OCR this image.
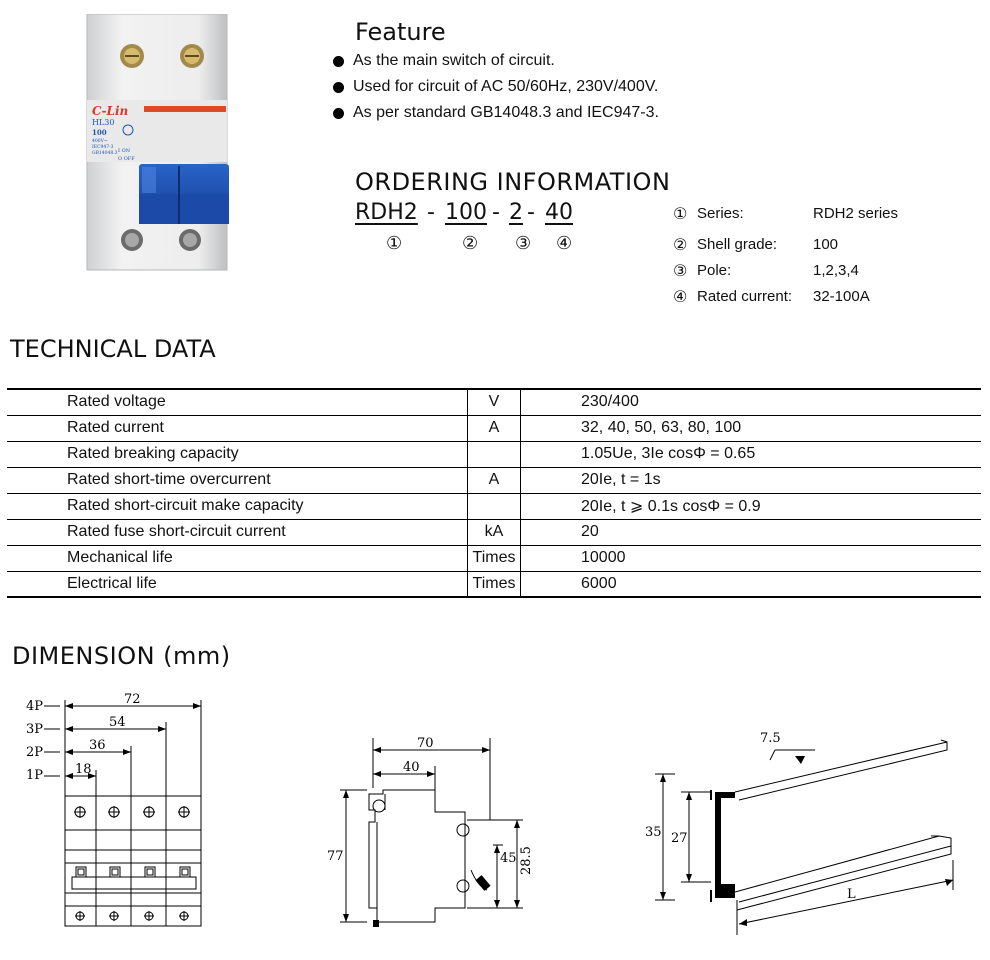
C-Lin
HL30
100
400V~
IEC947-3
GB14048.3 I ON
O OFF
Feature
As the main switch of circuit.
Used for circuit of AC 50/60Hz, 230V/400V.
As per standard GB14048.3 and IEC947-3.
ORDERING INFORMATION
RDH2 - 100 - 2 - 40
①	② ③ ④
① Series:	RDH2 series
② Shell grade:	100
③ Pole:	1,2,3,4
④ Rated current:	32-100A
TECHNICAL DATA
Rated voltage	V	230/400
Rated current	A	32, 40, 50, 63, 80, 100
Rated breaking capacity		1.05Ue, 3Ie cosΦ = 0.65
Rated short-time overcurrent	A	20Ie, t = 1s
Rated short-circuit make capacity		20Ie, t ⩾ 0.1s cosΦ = 0.9
Rated fuse short-circuit current	kA	20
Mechanical life	Times	10000
Electrical life	Times	6000
DIMENSION (mm)
4P
3P
2P
1P
72
54
36
18
70
40
77	45 28.5
7.5
35 27
L
